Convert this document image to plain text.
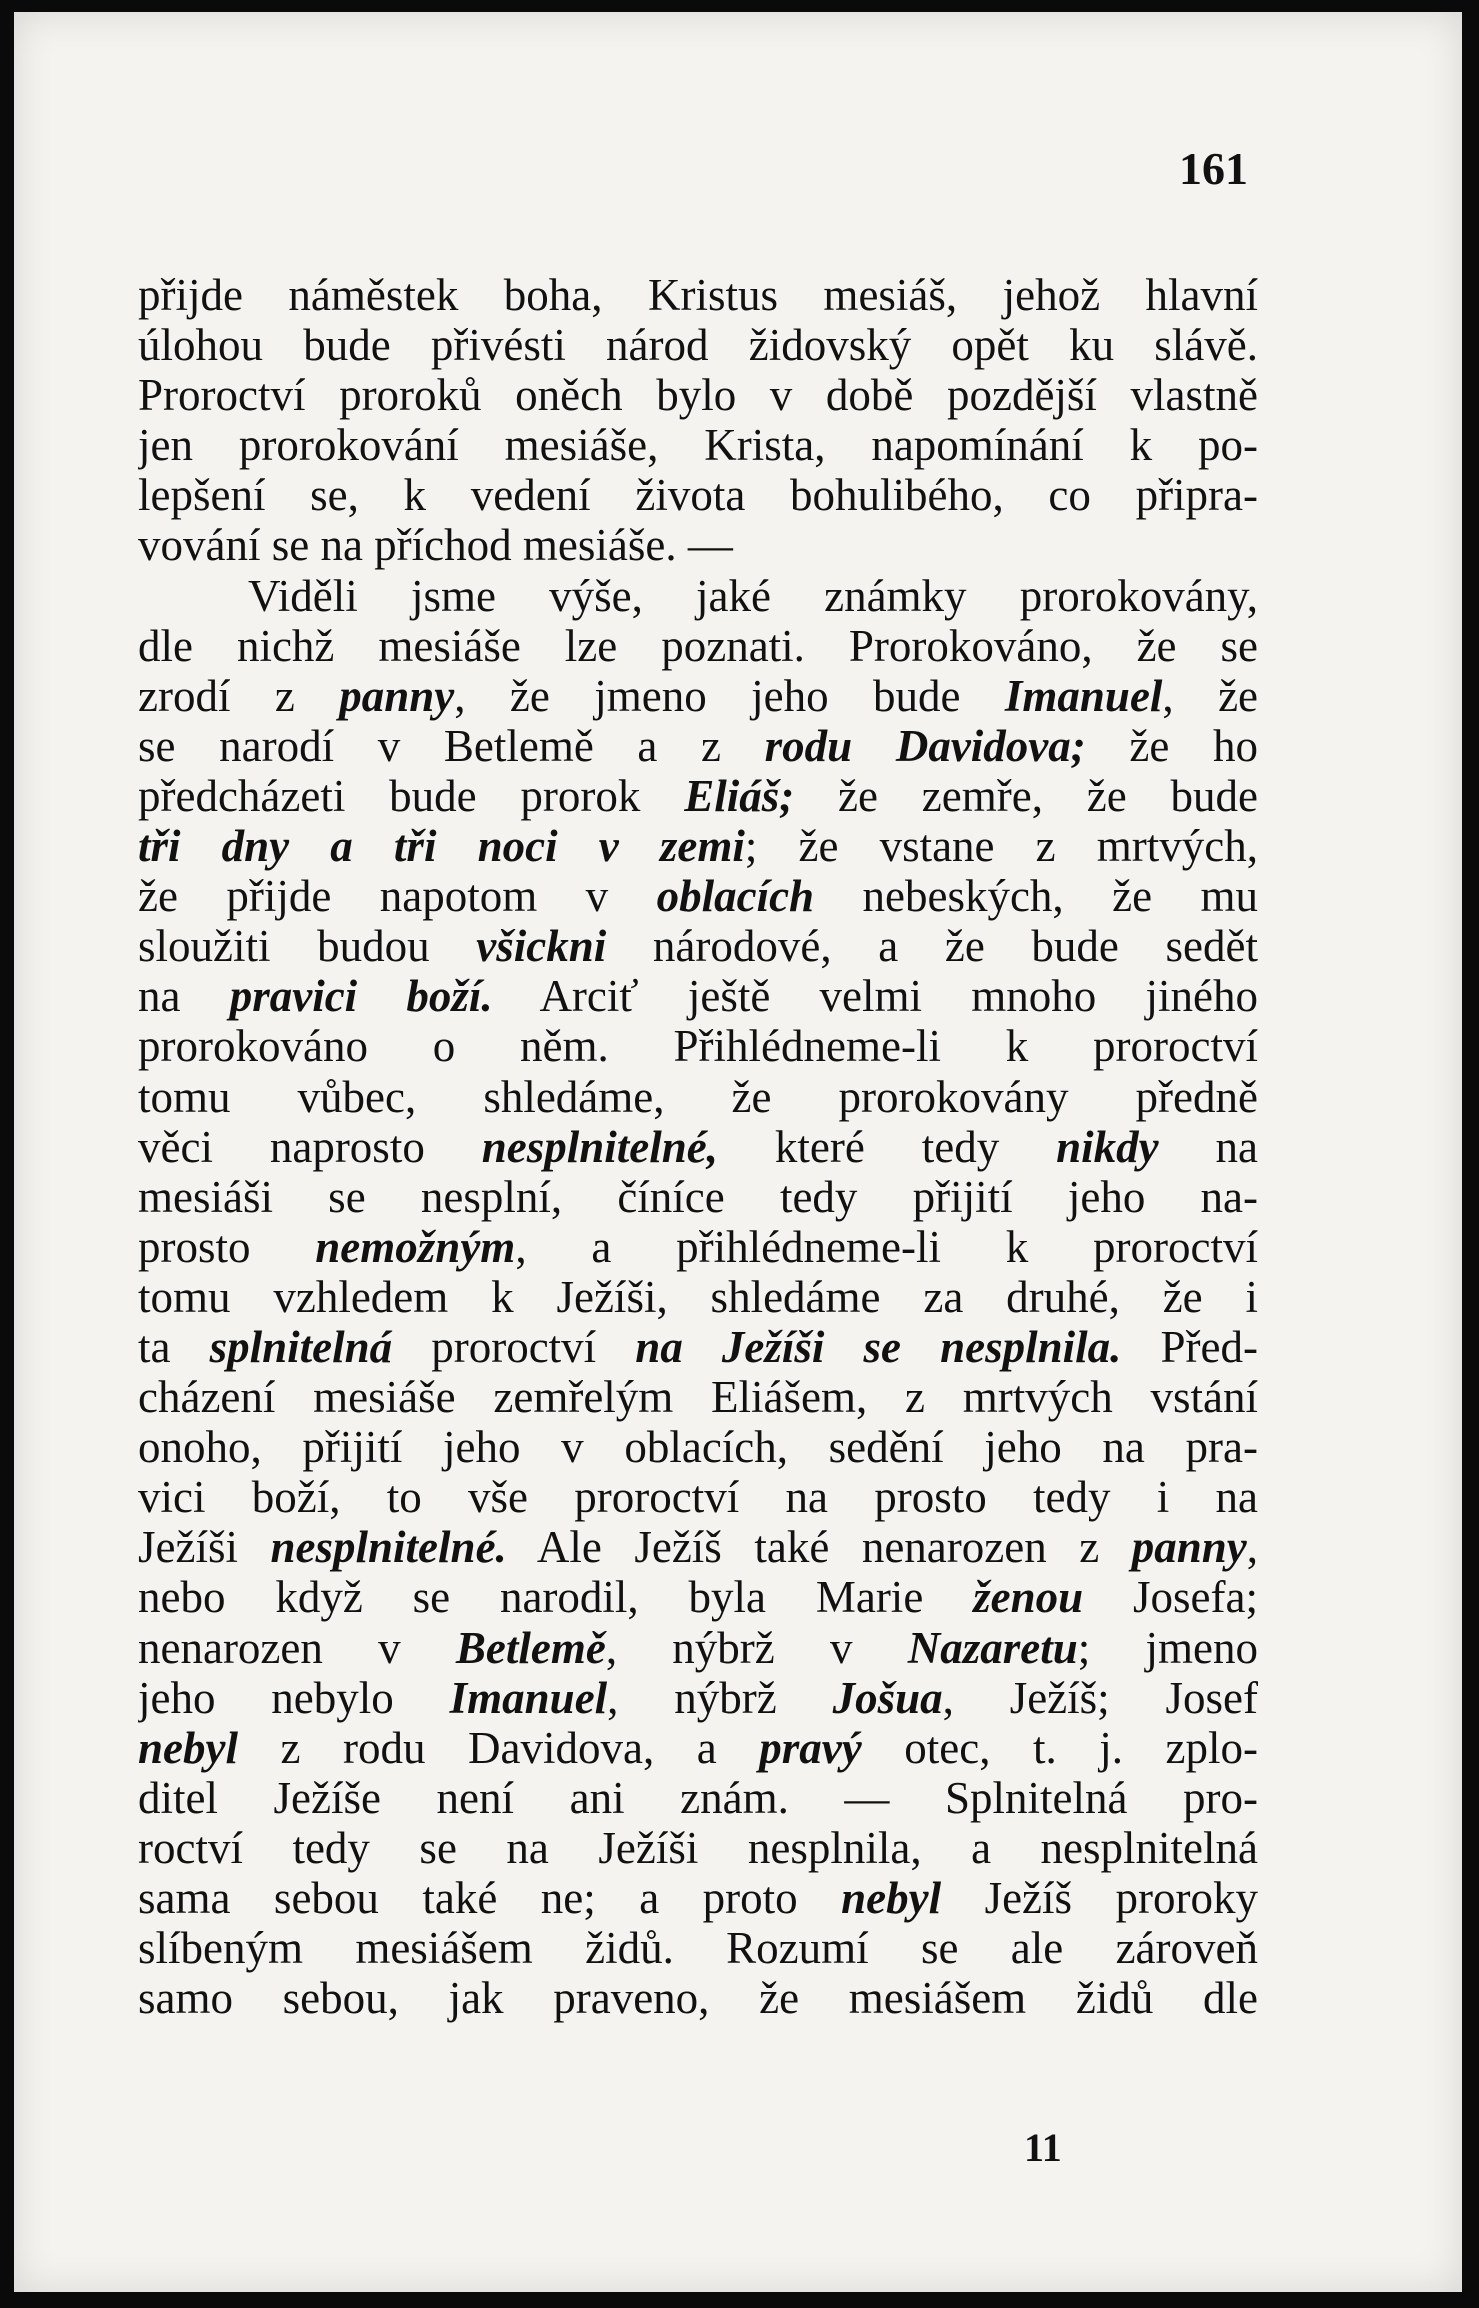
161
přijde náměstek boha, Kristus mesiáš, jehož hlavní
úlohou bude přivésti národ židovský opět ku slávě.
Proroctví proroků oněch bylo v době pozdější vlastně
jen prorokování mesiáše, Krista, napomínání k po-
lepšení se, k vedení života bohulibého, co připra-
vování se na příchod mesiáše. —
Viděli jsme výše, jaké známky prorokovány,
dle nichž mesiáše lze poznati. Prorokováno, že se
zrodí z panny, že jmeno jeho bude Imanuel, že
se narodí v Betlemě a z rodu Davidova; že ho
předcházeti bude prorok Eliáš; že zemře, že bude
tři dny a tři noci v zemi; že vstane z mrtvých,
že přijde napotom v oblacích nebeských, že mu
sloužiti budou všickni národové, a že bude sedět
na pravici boží. Arciť ještě velmi mnoho jiného
prorokováno o něm. Přihlédneme-li k proroctví
tomu vůbec, shledáme, že prorokovány předně
věci naprosto nesplnitelné, které tedy nikdy na
mesiáši se nesplní, číníce tedy přijití jeho na-
prosto nemožným, a přihlédneme-li k proroctví
tomu vzhledem k Ježíši, shledáme za druhé, že i
ta splnitelná proroctví na Ježíši se nesplnila. Před-
cházení mesiáše zemřelým Eliášem, z mrtvých vstání
onoho, přijití jeho v oblacích, sedění jeho na pra-
vici boží, to vše proroctví na prosto tedy i na
Ježíši nesplnitelné. Ale Ježíš také nenarozen z panny,
nebo když se narodil, byla Marie ženou Josefa;
nenarozen v Betlemě, nýbrž v Nazaretu; jmeno
jeho nebylo Imanuel, nýbrž Jošua, Ježíš; Josef
nebyl z rodu Davidova, a pravý otec, t. j. zplo-
ditel Ježíše není ani znám. — Splnitelná pro-
roctví tedy se na Ježíši nesplnila, a nesplnitelná
sama sebou také ne; a proto nebyl Ježíš proroky
slíbeným mesiášem židů. Rozumí se ale zároveň
samo sebou, jak praveno, že mesiášem židů dle
11
